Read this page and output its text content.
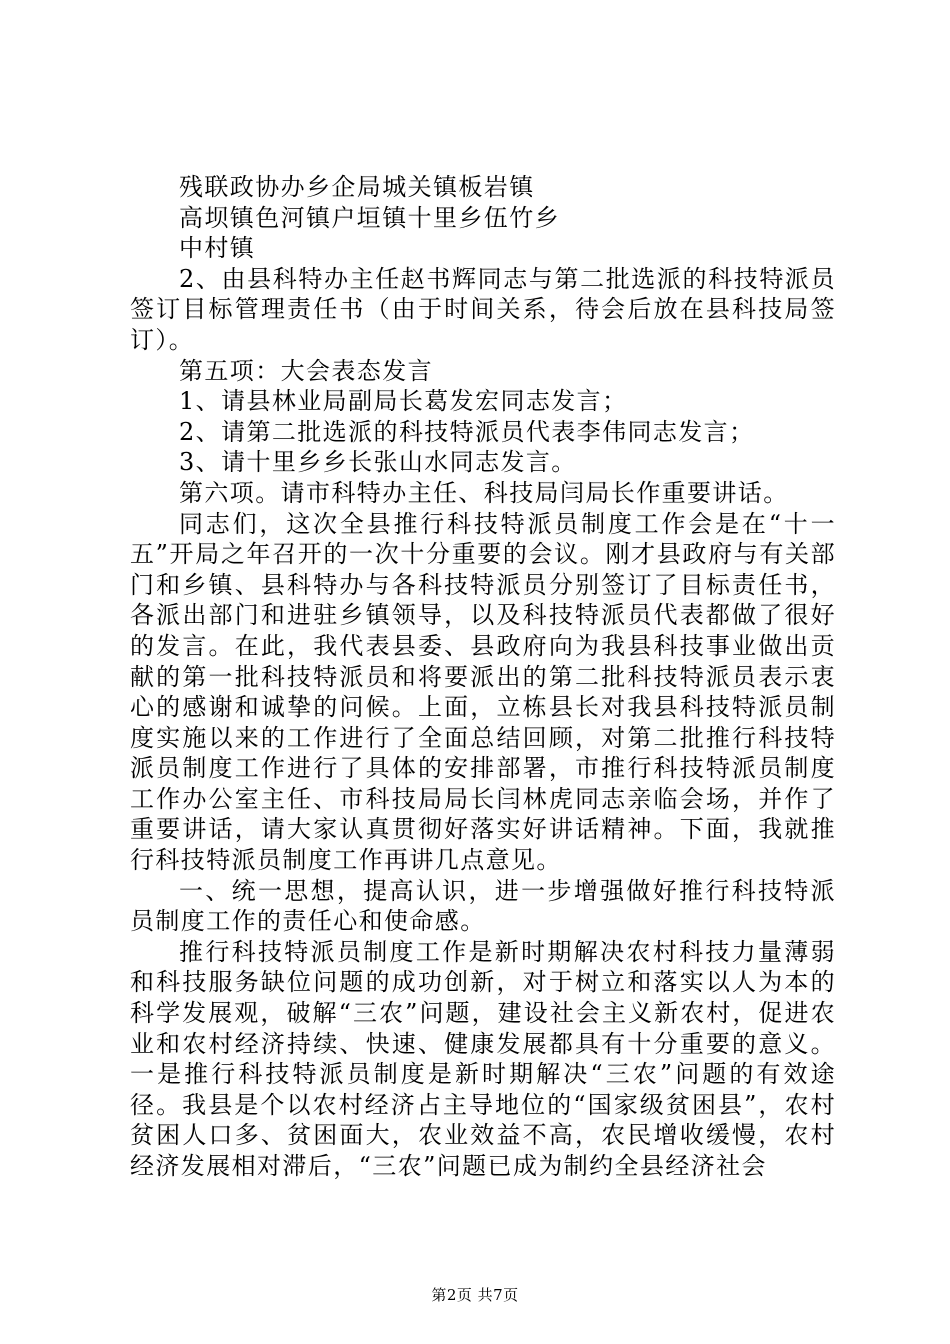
残联政协办乡企局城关镇板岩镇

高坝镇色河镇户垣镇十里乡伍竹乡

中村镇

2、由县科特办主任赵书辉同志与第二批选派的科技特派员签订目标管理责任书（由于时间关系，待会后放在县科技局签订）。

第五项：大会表态发言

1、请县林业局副局长葛发宏同志发言；

2、请第二批选派的科技特派员代表李伟同志发言；

3、请十里乡乡长张山水同志发言。

第六项。请市科特办主任、科技局闫局长作重要讲话。

同志们，这次全县推行科技特派员制度工作会是在“十一五”开局之年召开的一次十分重要的会议。刚才县政府与有关部门和乡镇、县科特办与各科技特派员分别签订了目标责任书，各派出部门和进驻乡镇领导，以及科技特派员代表都做了很好的发言。在此，我代表县委、县政府向为我县科技事业做出贡献的第一批科技特派员和将要派出的第二批科技特派员表示衷心的感谢和诚挚的问候。上面，立栋县长对我县科技特派员制度实施以来的工作进行了全面总结回顾，对第二批推行科技特派员制度工作进行了具体的安排部署，市推行科技特派员制度工作办公室主任、市科技局局长闫林虎同志亲临会场，并作了重要讲话，请大家认真贯彻好落实好讲话精神。下面，我就推行科技特派员制度工作再讲几点意见。

一、统一思想，提高认识，进一步增强做好推行科技特派员制度工作的责任心和使命感。

推行科技特派员制度工作是新时期解决农村科技力量薄弱和科技服务缺位问题的成功创新，对于树立和落实以人为本的科学发展观，破解“三农”问题，建设社会主义新农村，促进农业和农村经济持续、快速、健康发展都具有十分重要的意义。一是推行科技特派员制度是新时期解决“三农”问题的有效途径。我县是个以农村经济占主导地位的“国家级贫困县”，农村贫困人口多、贫困面大，农业效益不高，农民增收缓慢，农村经济发展相对滞后，“三农”问题已成为制约全县经济社会

第2页 共7页
